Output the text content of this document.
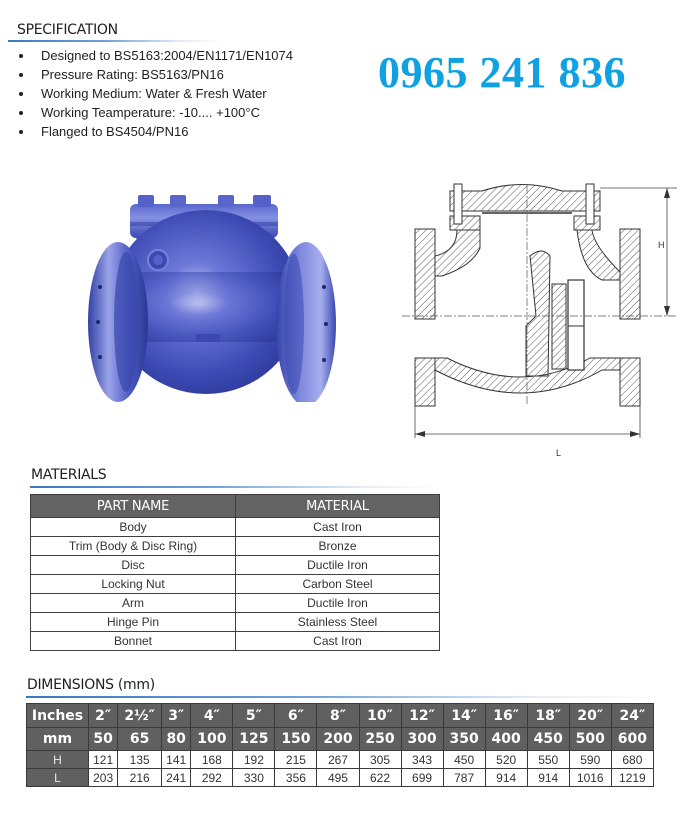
SPECIFICATION
Designed to BS5163:2004/EN1171/EN1074
Pressure Rating: BS5163/PN16
Working Medium: Water & Fresh Water
Working Teamperature: -10.... +100°C
Flanged to BS4504/PN16
0965 241 836
H
L
MATERIALS
PART NAME	MATERIAL
Body	Cast Iron
Trim (Body & Disc Ring)	Bronze
Disc	Ductile Iron
Locking Nut	Carbon Steel
Arm	Ductile Iron
Hinge Pin	Stainless Steel
Bonnet	Cast Iron
DIMENSIONS (mm)
Inches	2″	2½″	3″	4″	5″	6″	8″	10″	12″	14″	16″	18″	20″	24″
mm	50	65	80	100	125	150	200	250	300	350	400	450	500	600
H	121	135	141	168	192	215	267	305	343	450	520	550	590	680
L	203	216	241	292	330	356	495	622	699	787	914	914	1016	1219
